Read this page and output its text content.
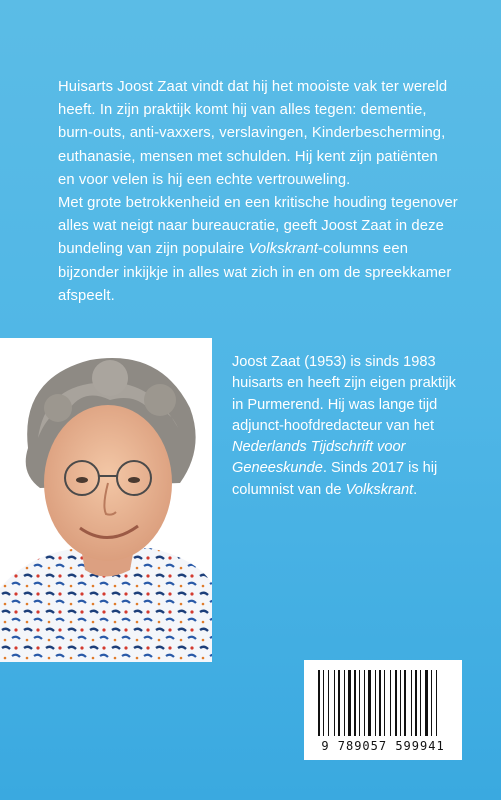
Huisarts Joost Zaat vindt dat hij het mooiste vak ter wereld heeft. In zijn praktijk komt hij van alles tegen: dementie, burn-outs, anti-vaxxers, verslavingen, Kinderbescherming, euthanasie, mensen met schulden. Hij kent zijn patiënten en voor velen is hij een echte vertrouweling.

Met grote betrokkenheid en een kritische houding tegenover alles wat neigt naar bureaucratie, geeft Joost Zaat in deze bundeling van zijn populaire Volkskrant-columns een bijzonder inkijkje in alles wat zich in en om de spreekkamer afspeelt.

Joost Zaat (1953) is sinds 1983 huisarts en heeft zijn eigen praktijk in Purmerend. Hij was lange tijd adjunct-hoofdredacteur van het Nederlands Tijdschrift voor Geneeskunde. Sinds 2017 is hij columnist van de Volkskrant.
9 789057 599941
